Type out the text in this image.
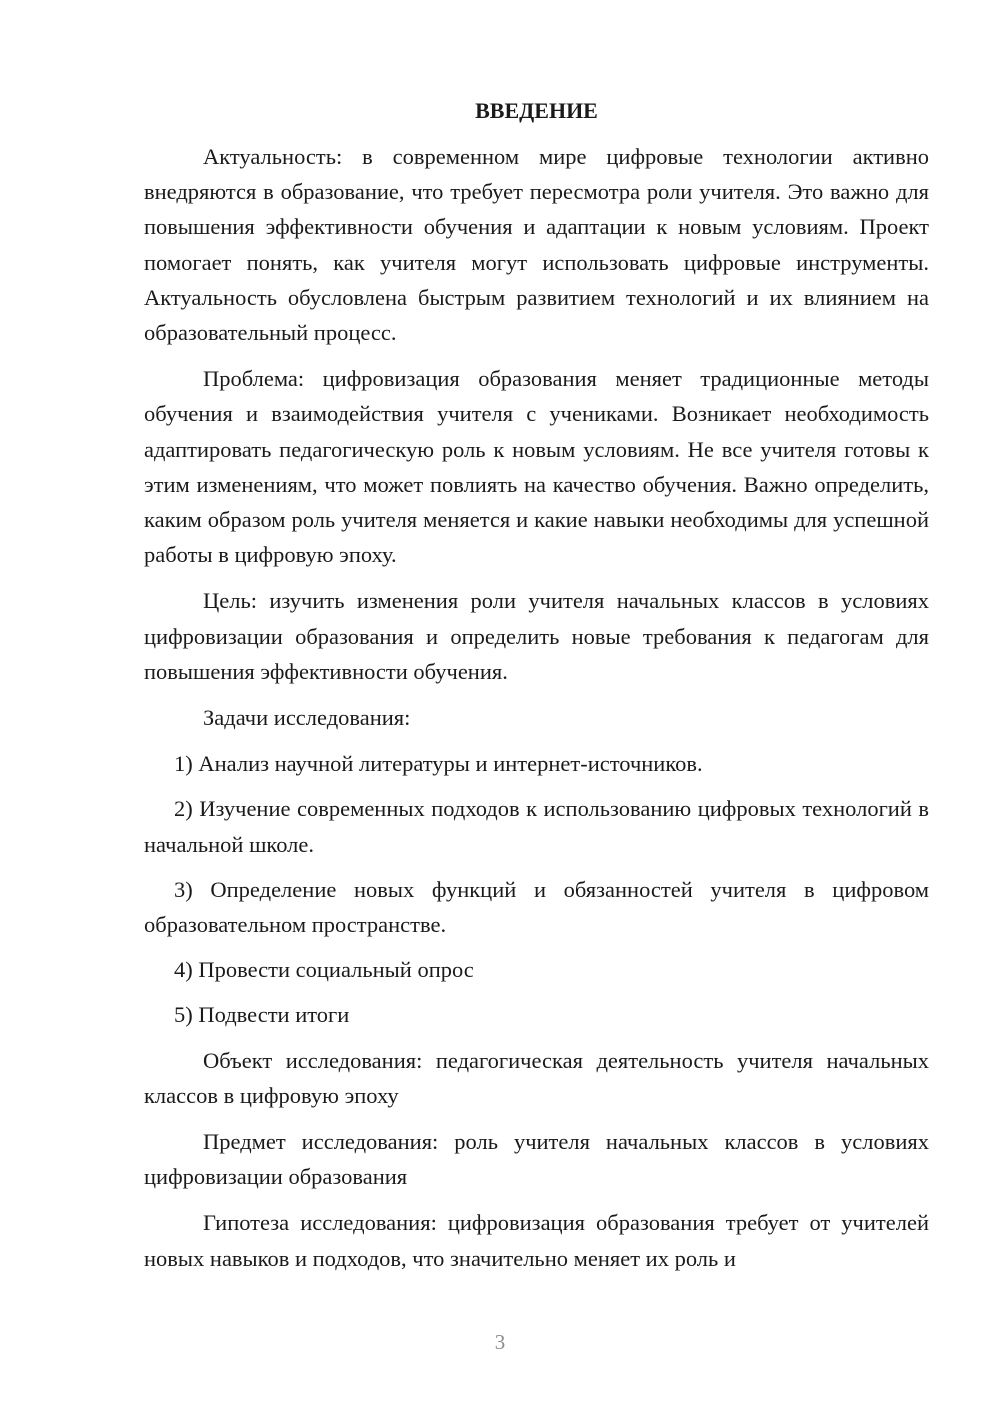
ВВЕДЕНИЕ

Актуальность: в современном мире цифровые технологии активно внедряются в образование, что требует пересмотра роли учителя. Это важно для повышения эффективности обучения и адаптации к новым условиям. Проект помогает понять, как учителя могут использовать цифровые инструменты. Актуальность обусловлена быстрым развитием технологий и их влиянием на образовательный процесс.

Проблема: цифровизация образования меняет традиционные методы обучения и взаимодействия учителя с учениками. Возникает необходимость адаптировать педагогическую роль к новым условиям. Не все учителя готовы к этим изменениям, что может повлиять на качество обучения. Важно определить, каким образом роль учителя меняется и какие навыки необходимы для успешной работы в цифровую эпоху.

Цель: изучить изменения роли учителя начальных классов в условиях цифровизации образования и определить новые требования к педагогам для повышения эффективности обучения.

Задачи исследования:

1) Анализ научной литературы и интернет-источников.

2) Изучение современных подходов к использованию цифровых технологий в начальной школе.

3) Определение новых функций и обязанностей учителя в цифровом образовательном пространстве.

4) Провести социальный опрос

5) Подвести итоги

Объект исследования: педагогическая деятельность учителя начальных классов в цифровую эпоху

Предмет исследования: роль учителя начальных классов в условиях цифровизации образования

Гипотеза исследования: цифровизация образования требует от учителей новых навыков и подходов, что значительно меняет их роль и

3
